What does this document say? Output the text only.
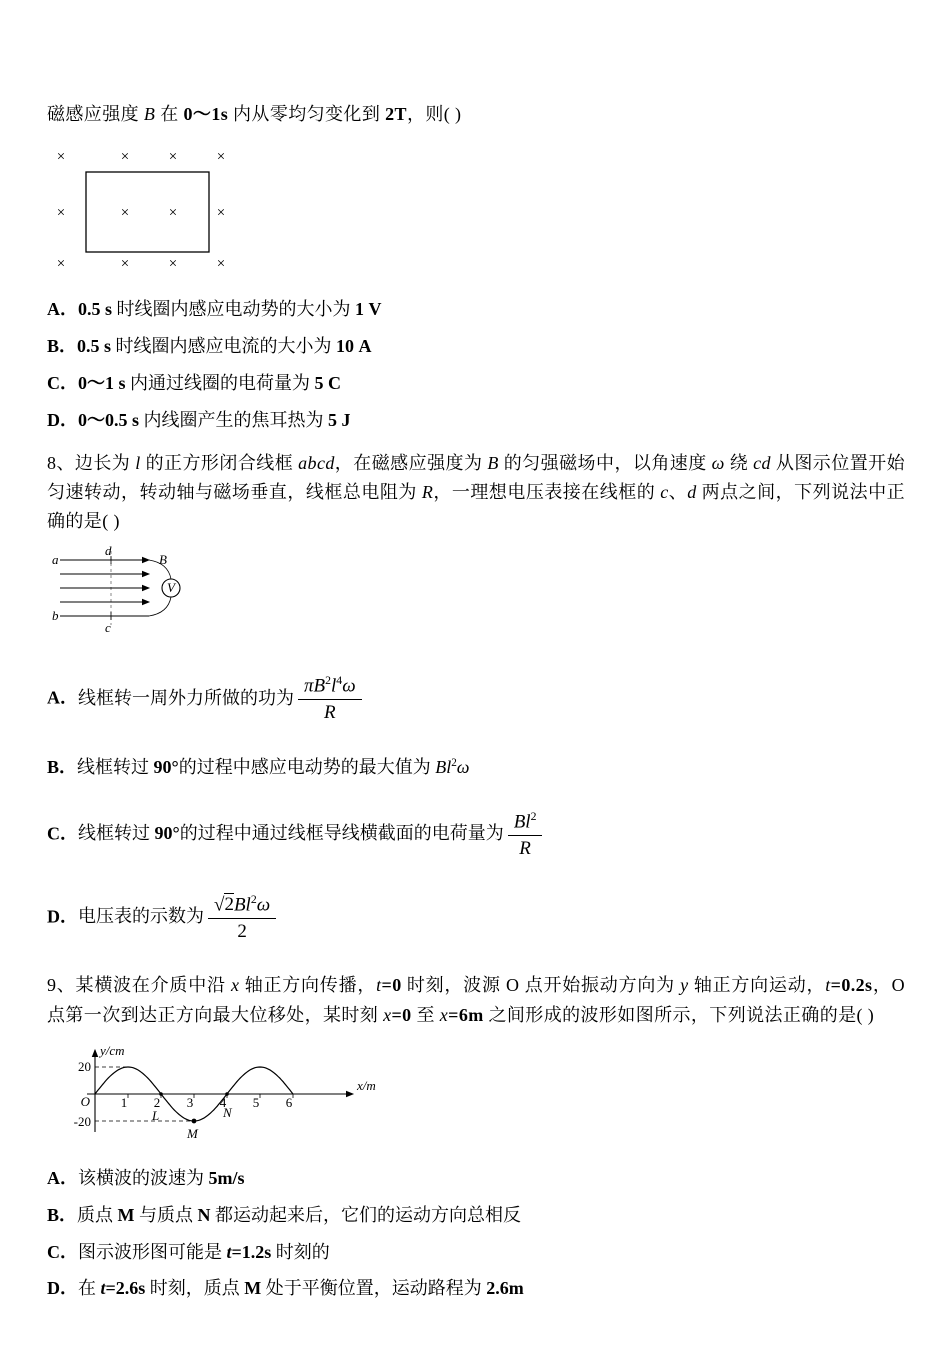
磁感应强度 B 在 0～1s 内从零均匀变化到 2T，则( )

×	×	×	×
×	×	×	×
×	×	×	×
A．0.5 s 时线圈内感应电动势的大小为 1 V
B．0.5 s 时线圈内感应电流的大小为 10 A
C．0～1 s 内通过线圈的电荷量为 5 C
D．0～0.5 s 内线圈产生的焦耳热为 5 J

8、边长为 l 的正方形闭合线框 abcd，在磁感应强度为 B 的匀强磁场中，以角速度 ω 绕 cd 从图示位置开始匀速转动，转动轴与磁场垂直，线框总电阻为 R，一理想电压表接在线框的 c、d 两点之间，下列说法中正确的是( )

V
a
b
d
c
B
A．线框转一周外力所做的功为 $\frac{\pi B^2l^4\omega}{R}$
B．线框转过 90°的过程中感应电动势的最大值为 Bl$^2$ω
C．线框转过 90°的过程中通过线框导线横截面的电荷量为 $\frac{Bl^2}{R}$
D．电压表的示数为 $\frac{√2Bl^2\omega}{2}$

9、某横波在介质中沿 x 轴正方向传播，t=0 时刻，波源 O 点开始振动方向为 y 轴正方向运动，t=0.2s，O 点第一次到达正方向最大位移处，某时刻 x=0 至 x=6m 之间形成的波形如图所示，下列说法正确的是( )

y/cm
x/m
20
-20
O 1 2 3 4 5 6
L
M
N
A．该横波的波速为 5m/s
B．质点 M 与质点 N 都运动起来后，它们的运动方向总相反
C．图示波形图可能是 t=1.2s 时刻的
D．在 t=2.6s 时刻，质点 M 处于平衡位置，运动路程为 2.6m
